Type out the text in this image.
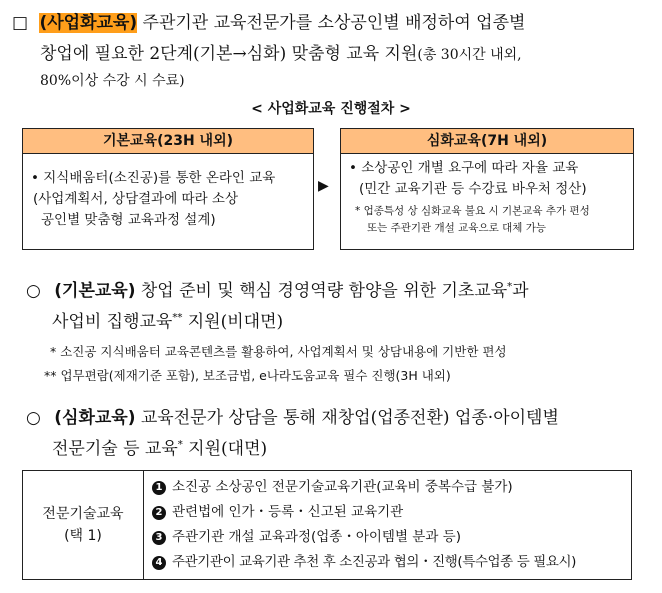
□ (사업화교육) 주관기관 교육전문가를 소상공인별 배정하여 업종별
창업에 필요한 2단계(기본→심화) 맞춤형 교육 지원(총 30시간 내외,
80%이상 수강 시 수료)
< 사업화교육 진행절차 >
기본교육(23H 내외)
• 지식배움터(소진공)를 통한 온라인 교육
(사업계획서, 상담결과에 따라 소상
공인별 맞춤형 교육과정 설계)
▶
심화교육(7H 내외)
• 소상공인 개별 요구에 따라 자율 교육
(민간 교육기관 등 수강료 바우처 정산)
* 업종특성 상 심화교육 불요 시 기본교육 추가 편성
또는 주관기관 개설 교육으로 대체 가능
○ (기본교육) 창업 준비 및 핵심 경영역량 함양을 위한 기초교육*과
사업비 집행교육** 지원(비대면)
* 소진공 지식배움터 교육콘텐츠를 활용하여, 사업계획서 및 상담내용에 기반한 편성
** 업무편람(제재기준 포함), 보조금법, e나라도움교육 필수 진행(3H 내외)
○ (심화교육) 교육전문가 상담을 통해 재창업(업종전환) 업종·아이템별
전문기술 등 교육* 지원(대면)
전문기술교육
(택 1)

1 소진공 소상공인 전문기술교육기관(교육비 중복수급 불가)
2 관련법에 인가・등록・신고된 교육기관
3 주관기관 개설 교육과정(업종・아이템별 분과 등)
4 주관기관이 교육기관 추천 후 소진공과 협의・진행(특수업종 등 필요시)
